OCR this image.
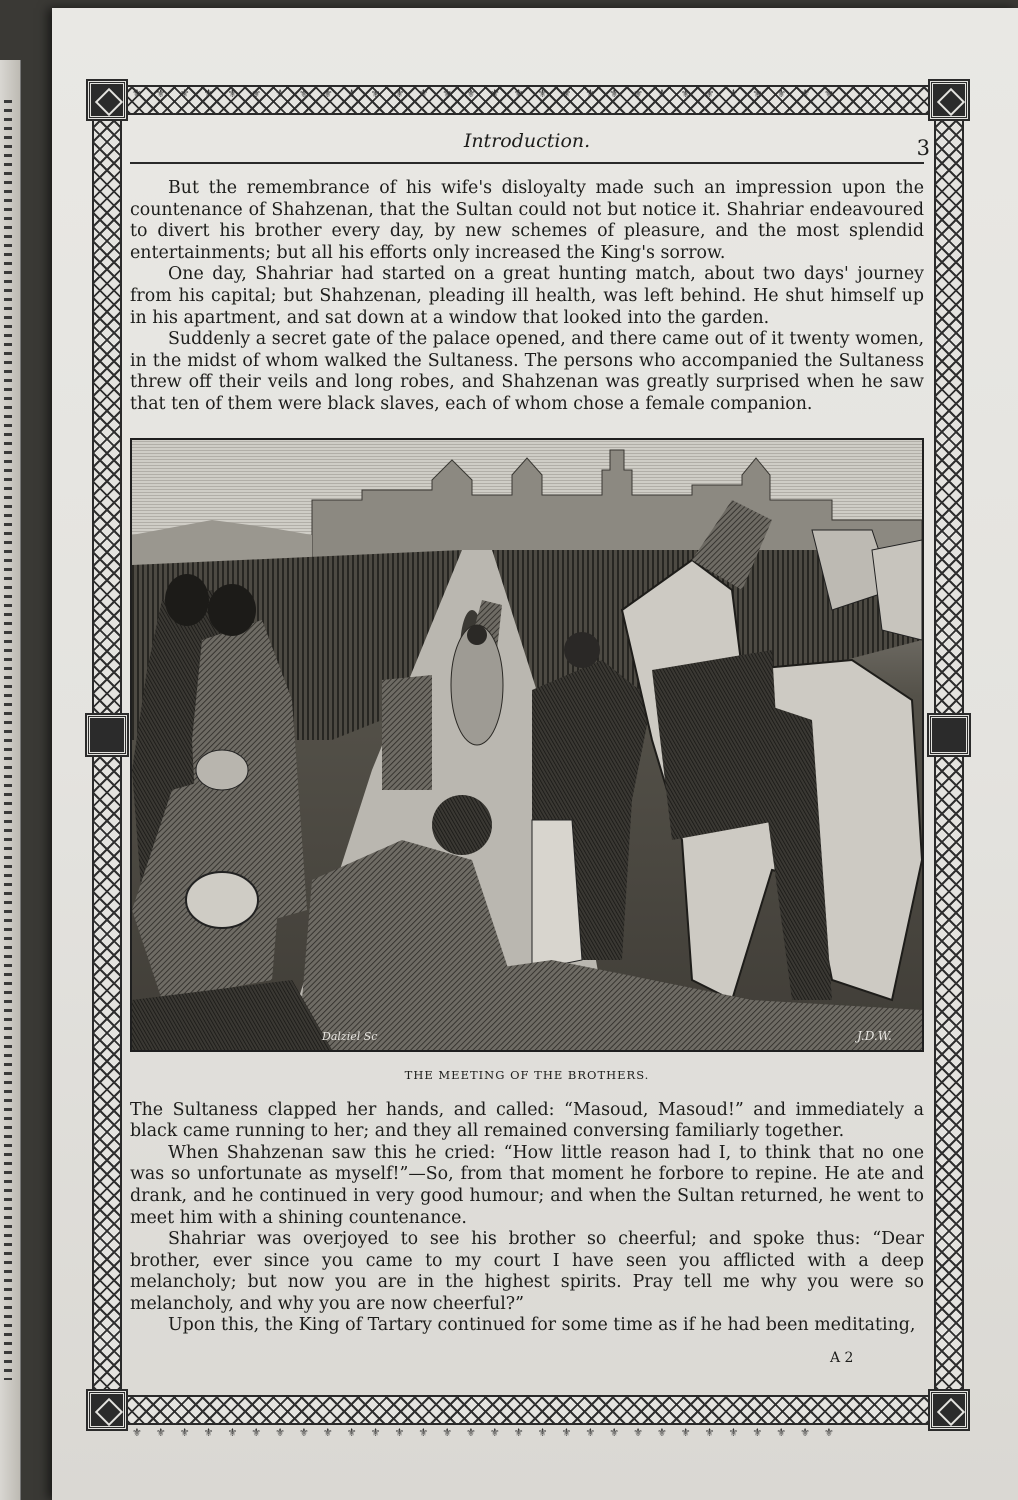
⚜⚜⚜⚜⚜⚜⚜⚜⚜⚜⚜⚜⚜⚜⚜⚜⚜⚜⚜⚜⚜⚜⚜⚜⚜⚜⚜⚜⚜⚜
⚜⚜⚜⚜⚜⚜⚜⚜⚜⚜⚜⚜⚜⚜⚜⚜⚜⚜⚜⚜⚜⚜⚜⚜⚜⚜⚜⚜⚜⚜
Introduction.	3

But the remembrance of his wife's disloyalty made such an impression upon the countenance of Shahzenan, that the Sultan could not but notice it. Shahriar endeavoured to divert his brother every day, by new schemes of pleasure, and the most splendid entertainments; but all his efforts only increased the King's sorrow.

One day, Shahriar had started on a great hunting match, about two days' journey from his capital; but Shahzenan, pleading ill health, was left behind. He shut himself up in his apartment, and sat down at a window that looked into the garden.

Suddenly a secret gate of the palace opened, and there came out of it twenty women, in the midst of whom walked the Sultaness. The persons who accompanied the Sultaness threw off their veils and long robes, and Shahzenan was greatly surprised when he saw that ten of them were black slaves, each of whom chose a female companion.

Dalziel Sc	J.D.W.
THE MEETING OF THE BROTHERS.

The Sultaness clapped her hands, and called: “Masoud, Masoud!” and immediately a black came running to her; and they all remained conversing familiarly together.

When Shahzenan saw this he cried: “How little reason had I, to think that no one was so unfortunate as myself!”—So, from that moment he forbore to repine. He ate and drank, and he continued in very good humour; and when the Sultan returned, he went to meet him with a shining countenance.

Shahriar was overjoyed to see his brother so cheerful; and spoke thus: “Dear brother, ever since you came to my court I have seen you afflicted with a deep melancholy; but now you are in the highest spirits. Pray tell me why you were so melancholy, and why you are now cheerful?”

Upon this, the King of Tartary continued for some time as if he had been meditating,

A 2
